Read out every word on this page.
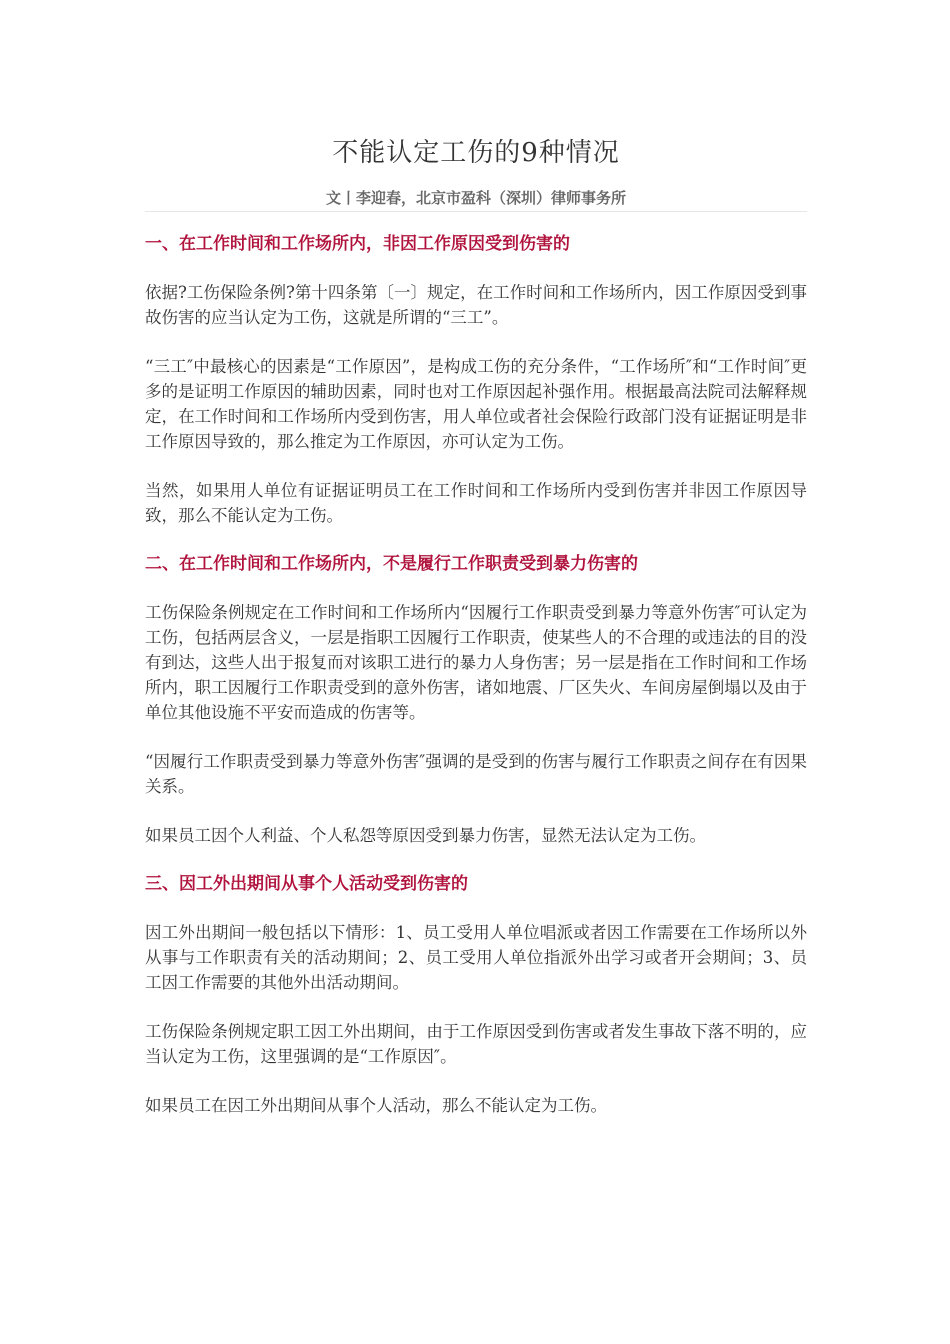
不能认定工伤的9种情况
文丨李迎春，北京市盈科（深圳）律师事务所
一、在工作时间和工作场所内，非因工作原因受到伤害的

依据?工伤保险条例?第十四条第〔一〕规定，在工作时间和工作场所内，因工作原因受到事故伤害的应当认定为工伤，这就是所谓的“三工”。

“三工″中最核心的因素是“工作原因”，是构成工伤的充分条件，“工作场所″和“工作时间″更多的是证明工作原因的辅助因素，同时也对工作原因起补强作用。根据最高法院司法解释规定，在工作时间和工作场所内受到伤害，用人单位或者社会保险行政部门没有证据证明是非工作原因导致的，那么推定为工作原因，亦可认定为工伤。

当然，如果用人单位有证据证明员工在工作时间和工作场所内受到伤害并非因工作原因导致，那么不能认定为工伤。

二、在工作时间和工作场所内，不是履行工作职责受到暴力伤害的

工伤保险条例规定在工作时间和工作场所内“因履行工作职责受到暴力等意外伤害″可认定为工伤，包括两层含义，一层是指职工因履行工作职责，使某些人的不合理的或违法的目的没有到达，这些人出于报复而对该职工进行的暴力人身伤害；另一层是指在工作时间和工作场所内，职工因履行工作职责受到的意外伤害，诸如地震、厂区失火、车间房屋倒塌以及由于单位其他设施不平安而造成的伤害等。

“因履行工作职责受到暴力等意外伤害″强调的是受到的伤害与履行工作职责之间存在有因果关系。

如果员工因个人利益、个人私怨等原因受到暴力伤害，显然无法认定为工伤。

三、因工外出期间从事个人活动受到伤害的

因工外出期间一般包括以下情形：1、员工受用人单位唱派或者因工作需要在工作场所以外从事与工作职责有关的活动期间；2、员工受用人单位指派外出学习或者开会期间；3、员工因工作需要的其他外出活动期间。

工伤保险条例规定职工因工外出期间，由于工作原因受到伤害或者发生事故下落不明的，应当认定为工伤，这里强调的是“工作原因″。

如果员工在因工外出期间从事个人活动，那么不能认定为工伤。
